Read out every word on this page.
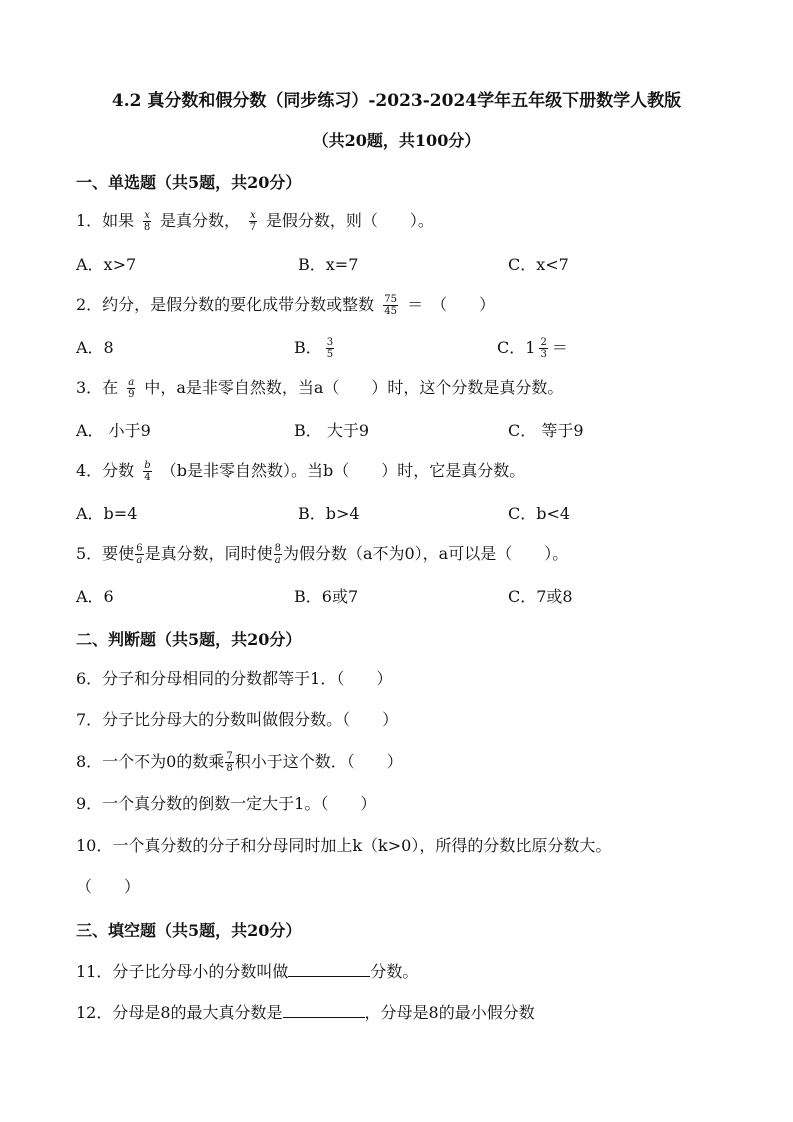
4.2 真分数和假分数（同步练习）-2023-2024学年五年级下册数学人教版
（共20题，共100分）
一、单选题（共5题，共20分）
1．如果 $\frac{x}{8}$ 是真分数， $\frac{x}{7}$ 是假分数，则（　　）。
A．x>7	B．x=7	C．x<7
2．约分，是假分数的要化成带分数或整数 $\frac{75}{45}$ ＝　（　　）
A．8	B． $\frac{3}{5}$	C．$1 \frac{2}{3}$ ＝
3．在 $\frac{a}{9}$ 中，a是非零自然数，当a（　　）时，这个分数是真分数。
A． 小于9	B． 大于9	C． 等于9
4．分数 $\frac{b}{4} (b$是非零自然数）。当b（　　）时，它是真分数。
A．b=4	B．b>4	C．b<4
5．要使 $\frac{6}{a}$ 是真分数，同时使 $\frac{8}{a}$ 为假分数（a不为0），a可以是（　　）。
A．6	B．6或7	C．7或8
二、判断题（共5题，共20分）
6．分子和分母相同的分数都等于1．（　　）
7．分子比分母大的分数叫做假分数。（　　）
8．一个不为0的数乘 $\frac{7}{8}$ 积小于这个数．（　　）
9．一个真分数的倒数一定大于1。（　　）
10．一个真分数的分子和分母同时加上k（k>0），所得的分数比原分数大。
（　　）
三、填空题（共5题，共20分）
11．分子比分母小的分数叫做	分数。
12．分母是8的最大真分数是	，分母是8的最小假分数
